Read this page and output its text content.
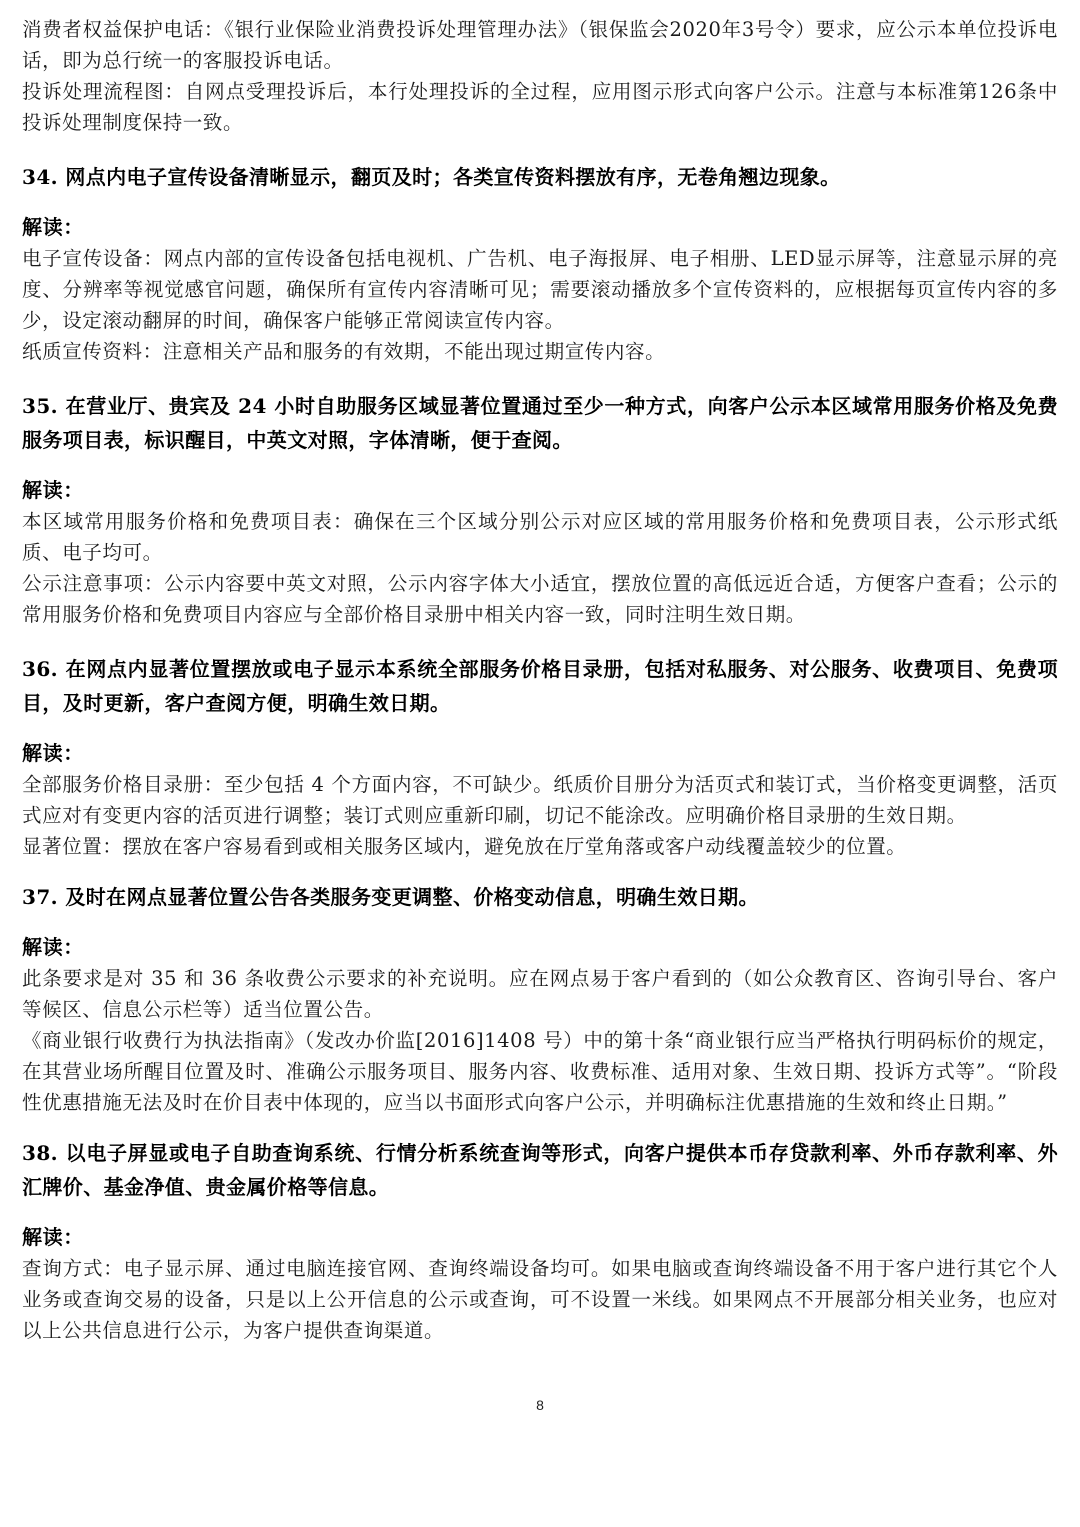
消费者权益保护电话：《银行业保险业消费投诉处理管理办法》（银保监会2020年3号令）要求，应公示本单位投诉电话，即为总行统一的客服投诉电话。

投诉处理流程图：自网点受理投诉后，本行处理投诉的全过程，应用图示形式向客户公示。注意与本标准第126条中投诉处理制度保持一致。

34. 网点内电子宣传设备清晰显示，翻页及时；各类宣传资料摆放有序，无卷角翘边现象。

解读：

电子宣传设备：网点内部的宣传设备包括电视机、广告机、电子海报屏、电子相册、LED显示屏等，注意显示屏的亮度、分辨率等视觉感官问题，确保所有宣传内容清晰可见；需要滚动播放多个宣传资料的，应根据每页宣传内容的多少，设定滚动翻屏的时间，确保客户能够正常阅读宣传内容。

纸质宣传资料：注意相关产品和服务的有效期，不能出现过期宣传内容。

35. 在营业厅、贵宾及 24 小时自助服务区域显著位置通过至少一种方式，向客户公示本区域常用服务价格及免费服务项目表，标识醒目，中英文对照，字体清晰，便于查阅。

解读：

本区域常用服务价格和免费项目表：确保在三个区域分别公示对应区域的常用服务价格和免费项目表，公示形式纸质、电子均可。

公示注意事项：公示内容要中英文对照，公示内容字体大小适宜，摆放位置的高低远近合适，方便客户查看；公示的常用服务价格和免费项目内容应与全部价格目录册中相关内容一致，同时注明生效日期。

36. 在网点内显著位置摆放或电子显示本系统全部服务价格目录册，包括对私服务、对公服务、收费项目、免费项目，及时更新，客户查阅方便，明确生效日期。

解读：

全部服务价格目录册：至少包括 4 个方面内容，不可缺少。纸质价目册分为活页式和装订式，当价格变更调整，活页式应对有变更内容的活页进行调整；装订式则应重新印刷，切记不能涂改。应明确价格目录册的生效日期。

显著位置：摆放在客户容易看到或相关服务区域内，避免放在厅堂角落或客户动线覆盖较少的位置。

37. 及时在网点显著位置公告各类服务变更调整、价格变动信息，明确生效日期。

解读：

此条要求是对 35 和 36 条收费公示要求的补充说明。应在网点易于客户看到的（如公众教育区、咨询引导台、客户等候区、信息公示栏等）适当位置公告。

《商业银行收费行为执法指南》（发改办价监[2016]1408 号）中的第十条“商业银行应当严格执行明码标价的规定，在其营业场所醒目位置及时、准确公示服务项目、服务内容、收费标准、适用对象、生效日期、投诉方式等”。“阶段性优惠措施无法及时在价目表中体现的，应当以书面形式向客户公示，并明确标注优惠措施的生效和终止日期。”

38. 以电子屏显或电子自助查询系统、行情分析系统查询等形式，向客户提供本币存贷款利率、外币存款利率、外汇牌价、基金净值、贵金属价格等信息。

解读：

查询方式：电子显示屏、通过电脑连接官网、查询终端设备均可。如果电脑或查询终端设备不用于客户进行其它个人业务或查询交易的设备，只是以上公开信息的公示或查询，可不设置一米线。如果网点不开展部分相关业务，也应对以上公共信息进行公示，为客户提供查询渠道。

8
